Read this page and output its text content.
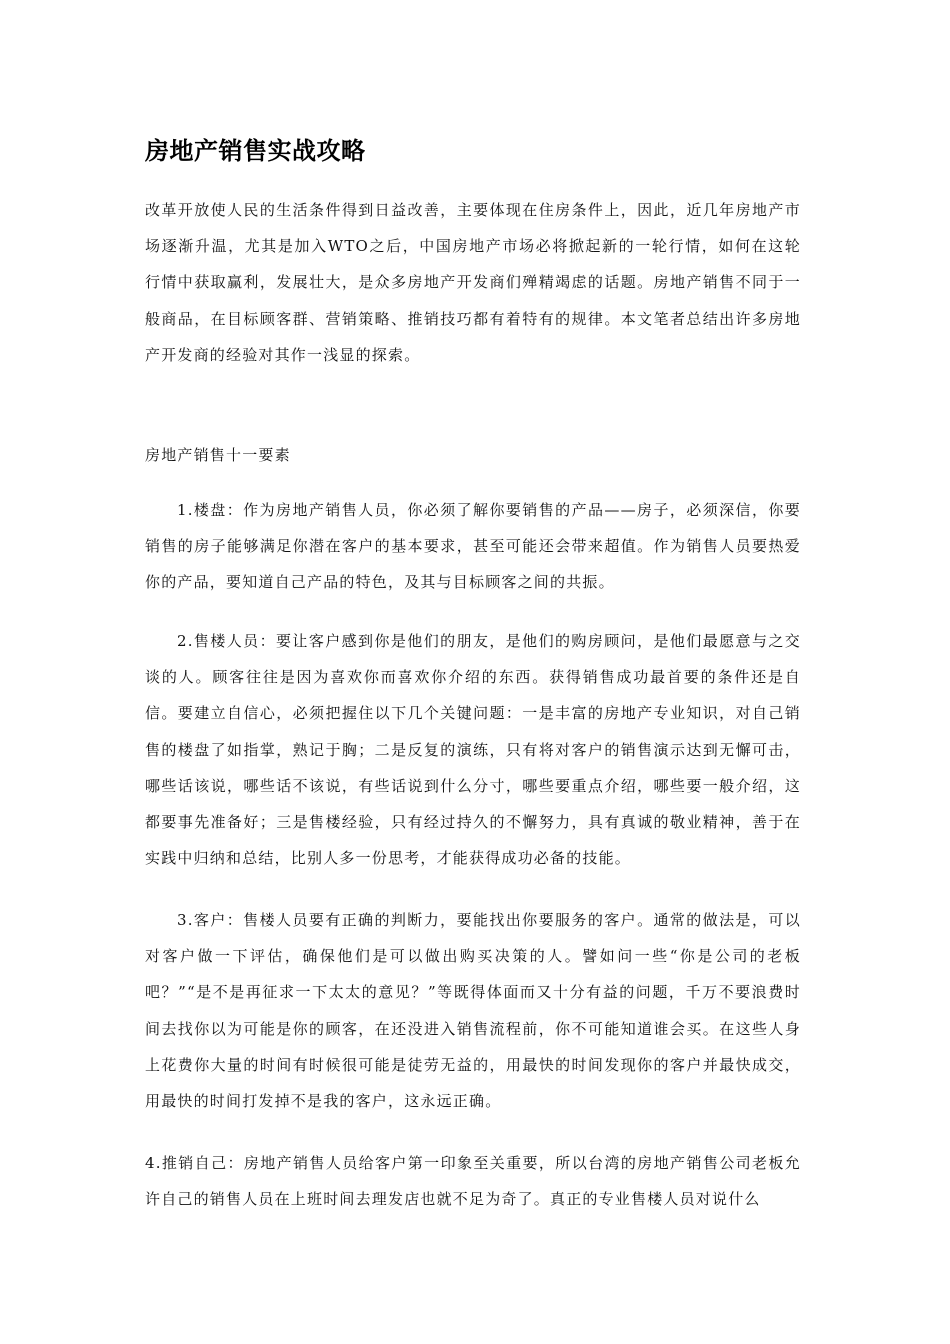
房地产销售实战攻略

改革开放使人民的生活条件得到日益改善，主要体现在住房条件上，因此，近几年房地产市场逐渐升温，尤其是加入WTO之后，中国房地产市场必将掀起新的一轮行情，如何在这轮行情中获取赢利，发展壮大，是众多房地产开发商们殚精竭虑的话题。房地产销售不同于一般商品，在目标顾客群、营销策略、推销技巧都有着特有的规律。本文笔者总结出许多房地产开发商的经验对其作一浅显的探索。

房地产销售十一要素

1.楼盘：作为房地产销售人员，你必须了解你要销售的产品——房子，必须深信，你要销售的房子能够满足你潜在客户的基本要求，甚至可能还会带来超值。作为销售人员要热爱你的产品，要知道自己产品的特色，及其与目标顾客之间的共振。

2.售楼人员：要让客户感到你是他们的朋友，是他们的购房顾问，是他们最愿意与之交谈的人。顾客往往是因为喜欢你而喜欢你介绍的东西。获得销售成功最首要的条件还是自信。要建立自信心，必须把握住以下几个关键问题：一是丰富的房地产专业知识，对自己销售的楼盘了如指掌，熟记于胸；二是反复的演练，只有将对客户的销售演示达到无懈可击，哪些话该说，哪些话不该说，有些话说到什么分寸，哪些要重点介绍，哪些要一般介绍，这都要事先准备好；三是售楼经验，只有经过持久的不懈努力，具有真诚的敬业精神，善于在实践中归纳和总结，比别人多一份思考，才能获得成功必备的技能。

3.客户：售楼人员要有正确的判断力，要能找出你要服务的客户。通常的做法是，可以对客户做一下评估，确保他们是可以做出购买决策的人。譬如问一些“你是公司的老板吧？”“是不是再征求一下太太的意见？”等既得体面而又十分有益的问题，千万不要浪费时间去找你以为可能是你的顾客，在还没进入销售流程前，你不可能知道谁会买。在这些人身上花费你大量的时间有时候很可能是徒劳无益的，用最快的时间发现你的客户并最快成交，用最快的时间打发掉不是我的客户，这永远正确。

4.推销自己：房地产销售人员给客户第一印象至关重要，所以台湾的房地产销售公司老板允许自己的销售人员在上班时间去理发店也就不足为奇了。真正的专业售楼人员对说什么
